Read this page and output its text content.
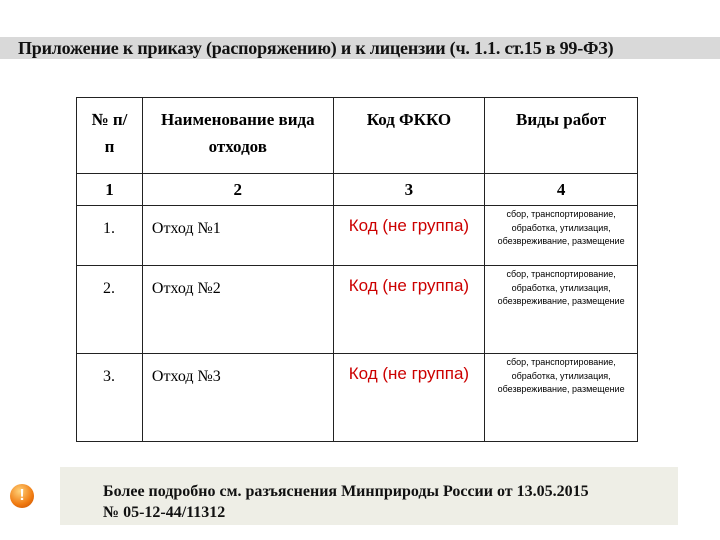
Приложение к приказу (распоряжению) и к лицензии (ч. 1.1. ст.15 в 99-ФЗ)
№ п/п	Наименование вида отходов	Код ФККО	Виды работ
1	2	3	4
1.	Отход №1	Код (не группа)	сбор, транспортирование, обработка, утилизация, обезвреживание, размещение
2.	Отход №2	Код (не группа)	сбор, транспортирование, обработка, утилизация, обезвреживание, размещение
3.	Отход №3	Код (не группа)	сбор, транспортирование, обработка, утилизация, обезвреживание, размещение
!	Более подробно см. разъяснения Минприроды России от 13.05.2015
№ 05-12-44/11312
